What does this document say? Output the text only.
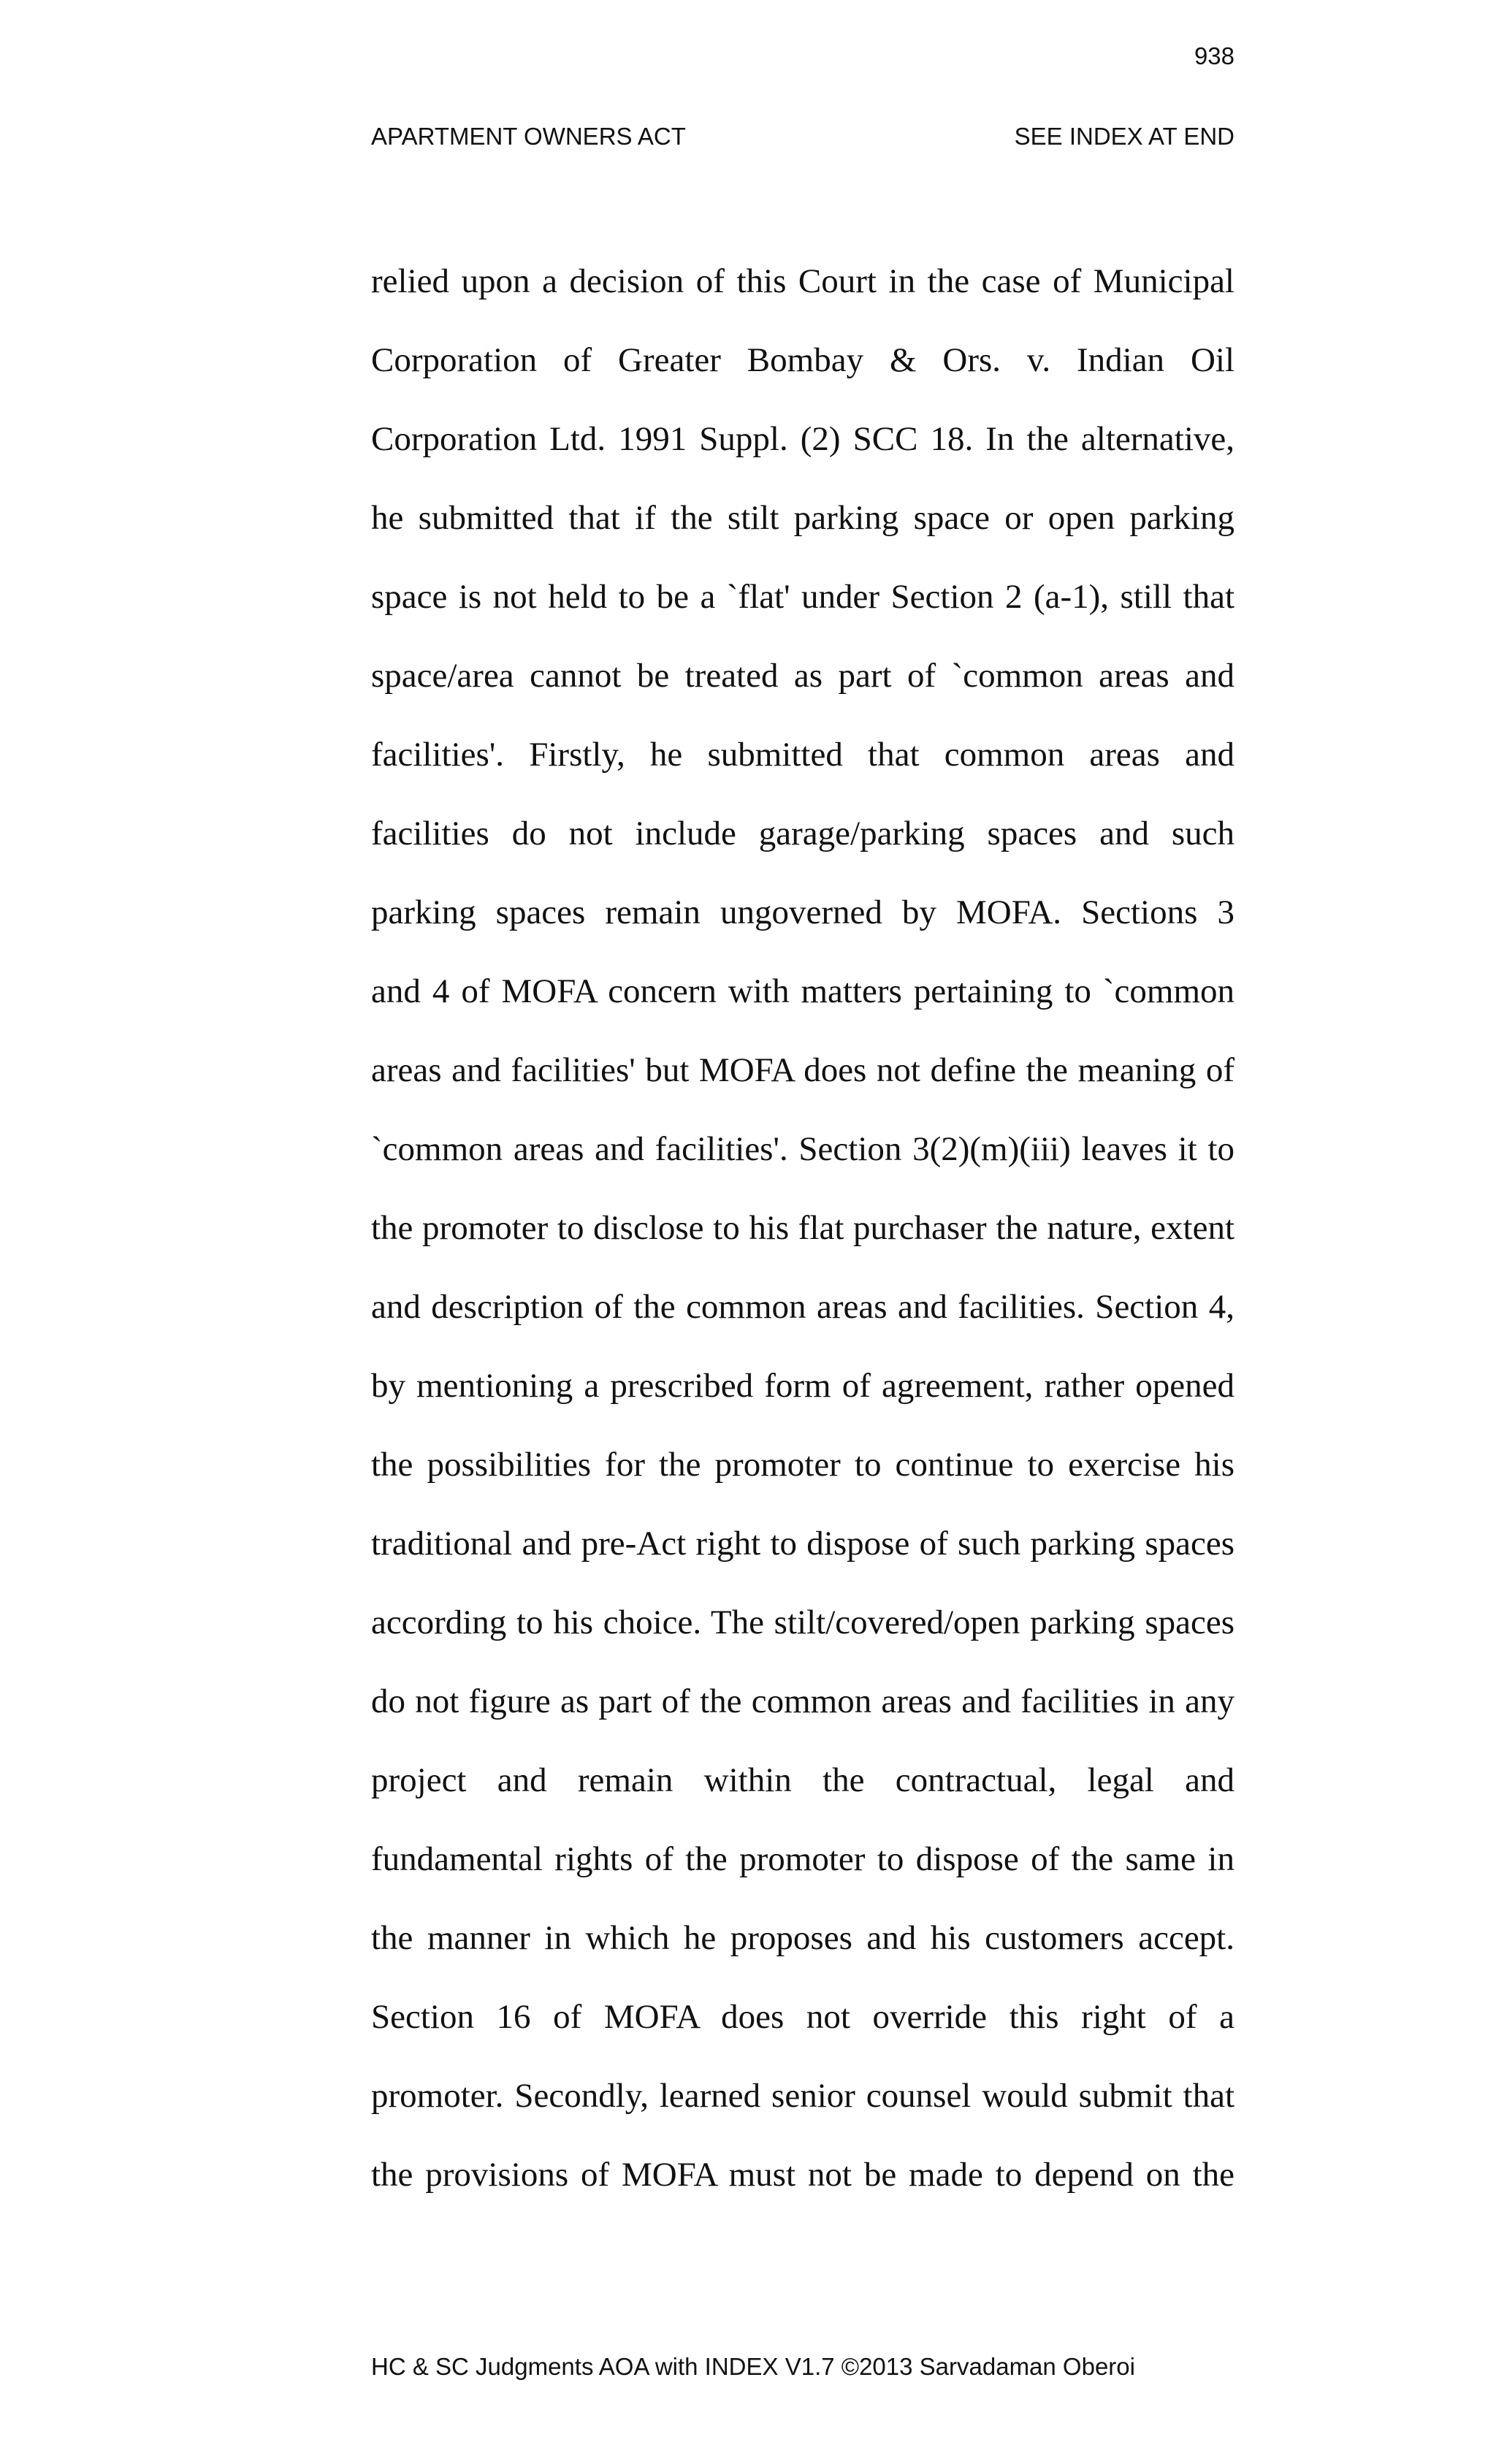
938
APARTMENT OWNERS ACT	SEE INDEX AT END
relied upon a decision of this Court in the case of Municipal
Corporation of Greater Bombay & Ors. v. Indian Oil
Corporation Ltd. 1991 Suppl. (2) SCC 18. In the alternative,
he submitted that if the stilt parking space or open parking
space is not held to be a `flat' under Section 2 (a-1), still that
space/area cannot be treated as part of `common areas and
facilities'. Firstly, he submitted that common areas and
facilities do not include garage/parking spaces and such
parking spaces remain ungoverned by MOFA. Sections 3
and 4 of MOFA concern with matters pertaining to `common
areas and facilities' but MOFA does not define the meaning of
`common areas and facilities'. Section 3(2)(m)(iii) leaves it to
the promoter to disclose to his flat purchaser the nature, extent
and description of the common areas and facilities. Section 4,
by mentioning a prescribed form of agreement, rather opened
the possibilities for the promoter to continue to exercise his
traditional and pre-Act right to dispose of such parking spaces
according to his choice. The stilt/covered/open parking spaces
do not figure as part of the common areas and facilities in any
project and remain within the contractual, legal and
fundamental rights of the promoter to dispose of the same in
the manner in which he proposes and his customers accept.
Section 16 of MOFA does not override this right of a
promoter. Secondly, learned senior counsel would submit that
the provisions of MOFA must not be made to depend on the
HC & SC Judgments AOA with INDEX V1.7 ©2013 Sarvadaman Oberoi
